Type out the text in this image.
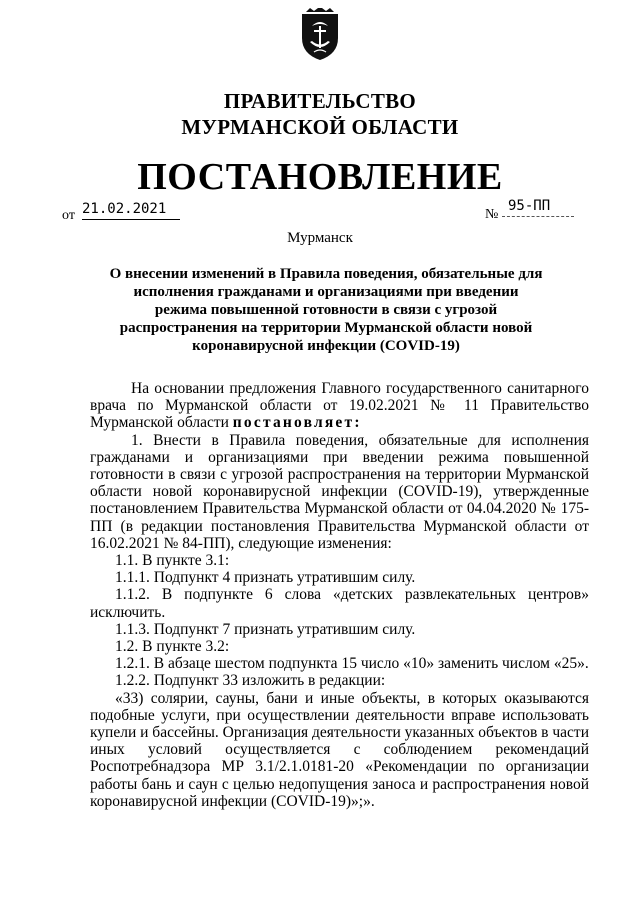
ПРАВИТЕЛЬСТВО
МУРМАНСКОЙ ОБЛАСТИ
ПОСТАНОВЛЕНИЕ
от 21.02.2021	№
95-ПП
Мурманск
О внесении изменений в Правила поведения, обязательные для исполнения гражданами и организациями при введении режима повышенной готовности в связи с угрозой распространения на территории Мурманской области новой коронавирусной инфекции (COVID-19)

На основании предложения Главного государственного санитарного врача по Мурманской области от 19.02.2021 № 11 Правительство Мурманской области постановляет:

1. Внести в Правила поведения, обязательные для исполнения гражданами и организациями при введении режима повышенной готовности в связи с угрозой распространения на территории Мурманской области новой коронавирусной инфекции (COVID-19), утвержденные постановлением Правительства Мурманской области от 04.04.2020 № 175-ПП (в редакции постановления Правительства Мурманской области от 16.02.2021 № 84-ПП), следующие изменения:

1.1. В пункте 3.1:

1.1.1. Подпункт 4 признать утратившим силу.

1.1.2. В подпункте 6 слова «детских развлекательных центров» исключить.

1.1.3. Подпункт 7 признать утратившим силу.

1.2. В пункте 3.2:

1.2.1. В абзаце шестом подпункта 15 число «10» заменить числом «25».

1.2.2. Подпункт 33 изложить в редакции:

«33) солярии, сауны, бани и иные объекты, в которых оказываются подобные услуги, при осуществлении деятельности вправе использовать купели и бассейны. Организация деятельности указанных объектов в части иных условий осуществляется с соблюдением рекомендаций Роспотребнадзора МР 3.1/2.1.0181-20 «Рекомендации по организации работы бань и саун с целью недопущения заноса и распространения новой коронавирусной инфекции (COVID-19)»;».
